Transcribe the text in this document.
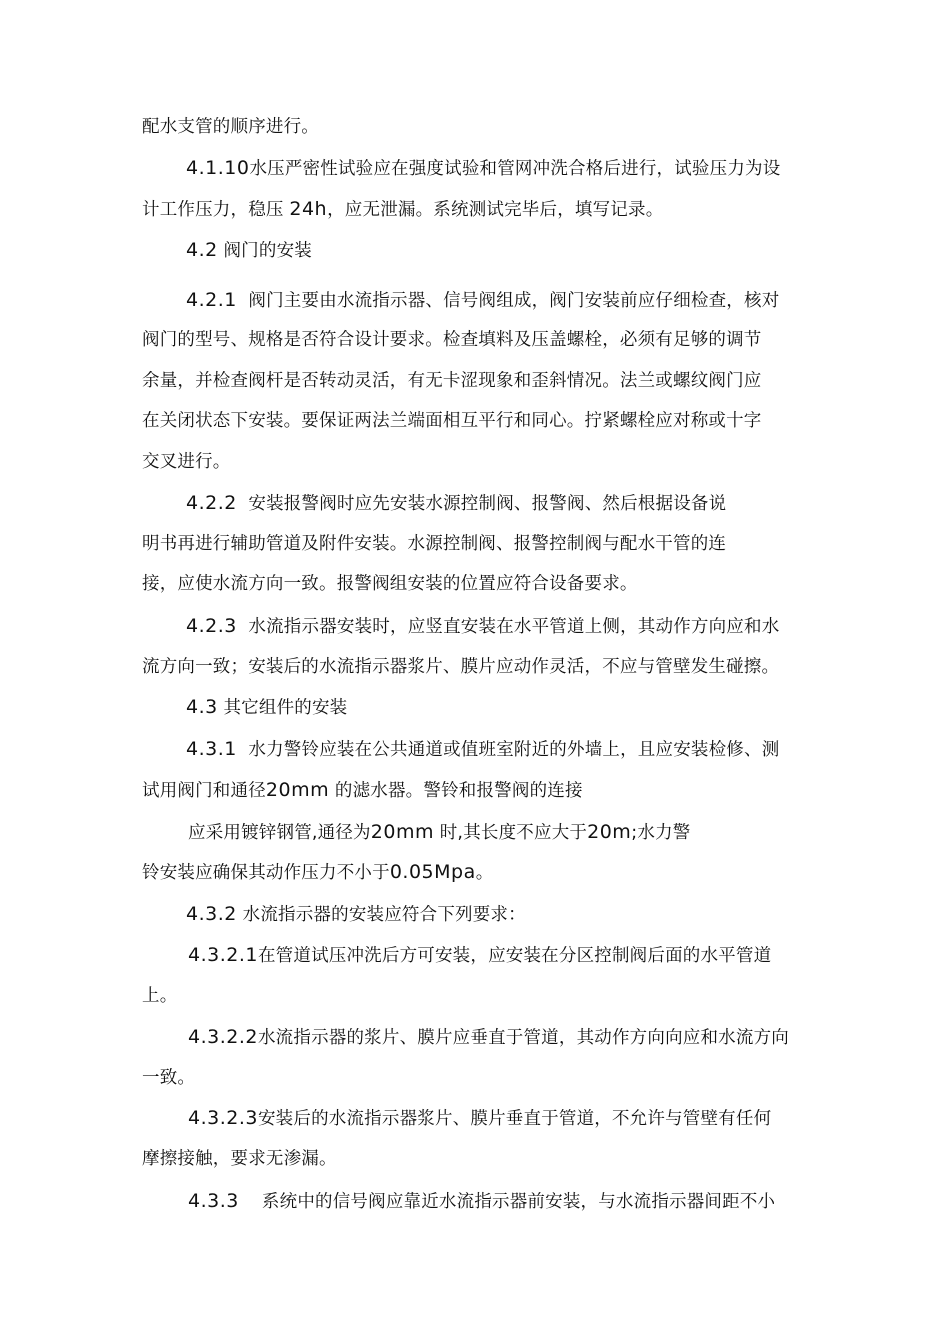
配水支管的顺序进行。
4.1.10水压严密性试验应在强度试验和管网冲洗合格后进行，试验压力为设
计工作压力，稳压 24h，应无泄漏。系统测试完毕后，填写记录。
4.2 阀门的安装
4.2.1 阀门主要由水流指示器、信号阀组成，阀门安装前应仔细检查，核对
阀门的型号、规格是否符合设计要求。检查填料及压盖螺栓，必须有足够的调节
余量，并检查阀杆是否转动灵活，有无卡涩现象和歪斜情况。法兰或螺纹阀门应
在关闭状态下安装。要保证两法兰端面相互平行和同心。拧紧螺栓应对称或十字
交叉进行。
4.2.2 安装报警阀时应先安装水源控制阀、报警阀、然后根据设备说
明书再进行辅助管道及附件安装。水源控制阀、报警控制阀与配水干管的连
接，应使水流方向一致。报警阀组安装的位置应符合设备要求。
4.2.3 水流指示器安装时，应竖直安装在水平管道上侧，其动作方向应和水
流方向一致；安装后的水流指示器浆片、膜片应动作灵活，不应与管壁发生碰擦。
4.3 其它组件的安装
4.3.1 水力警铃应装在公共通道或值班室附近的外墙上，且应安装检修、测
试用阀门和通径20mm 的滤水器。警铃和报警阀的连接
应采用镀锌钢管,通径为20mm 时,其长度不应大于20m;水力警
铃安装应确保其动作压力不小于0.05Mpa。
4.3.2 水流指示器的安装应符合下列要求：
4.3.2.1在管道试压冲洗后方可安装，应安装在分区控制阀后面的水平管道
上。
4.3.2.2水流指示器的浆片、膜片应垂直于管道，其动作方向向应和水流方向
一致。
4.3.2.3安装后的水流指示器浆片、膜片垂直于管道，不允许与管壁有任何
摩擦接触，要求无渗漏。
4.3.3 系统中的信号阀应靠近水流指示器前安装，与水流指示器间距不小
